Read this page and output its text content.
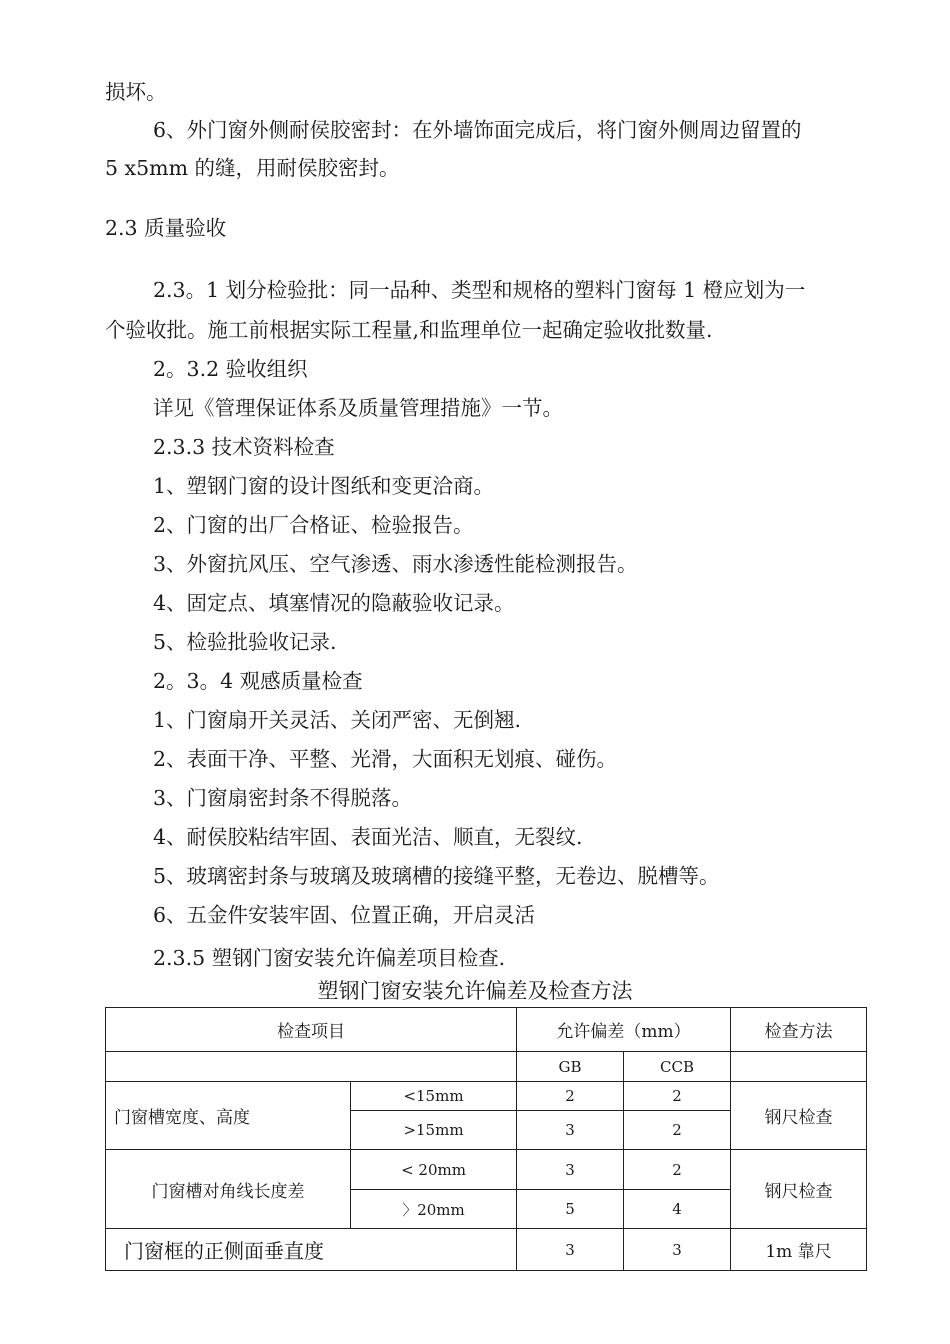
损坏。
6、外门窗外侧耐侯胶密封：在外墙饰面完成后，将门窗外侧周边留置的
5 x5mm 的缝，用耐侯胶密封。
2.3 质量验收
2.3。1 划分检验批：同一品种、类型和规格的塑料门窗每 1 橙应划为一
个验收批。施工前根据实际工程量,和监理单位一起确定验收批数量.
2。3.2 验收组织
详见《管理保证体系及质量管理措施》一节。
2.3.3 技术资料检查
1、塑钢门窗的设计图纸和变更洽商。
2、门窗的出厂合格证、检验报告。
3、外窗抗风压、空气渗透、雨水渗透性能检测报告。
4、固定点、填塞情况的隐蔽验收记录。
5、检验批验收记录.
2。3。4 观感质量检查
1、门窗扇开关灵活、关闭严密、无倒翘.
2、表面干净、平整、光滑，大面积无划痕、碰伤。
3、门窗扇密封条不得脱落。
4、耐侯胶粘结牢固、表面光洁、顺直，无裂纹.
5、玻璃密封条与玻璃及玻璃槽的接缝平整，无卷边、脱槽等。
6、五金件安装牢固、位置正确，开启灵活
2.3.5 塑钢门窗安装允许偏差项目检查.
塑钢门窗安装允许偏差及检查方法
检查项目		允许偏差（mm）		检查方法
		GB	CCB	
门窗槽宽度、高度	<15mm	2	2	钢尺检查
	>15mm	3	2	
门窗槽对角线长度差	< 20mm	3	2	钢尺检查
	〉20mm	5	4	
门窗框的正侧面垂直度		3	3	1m 靠尺
